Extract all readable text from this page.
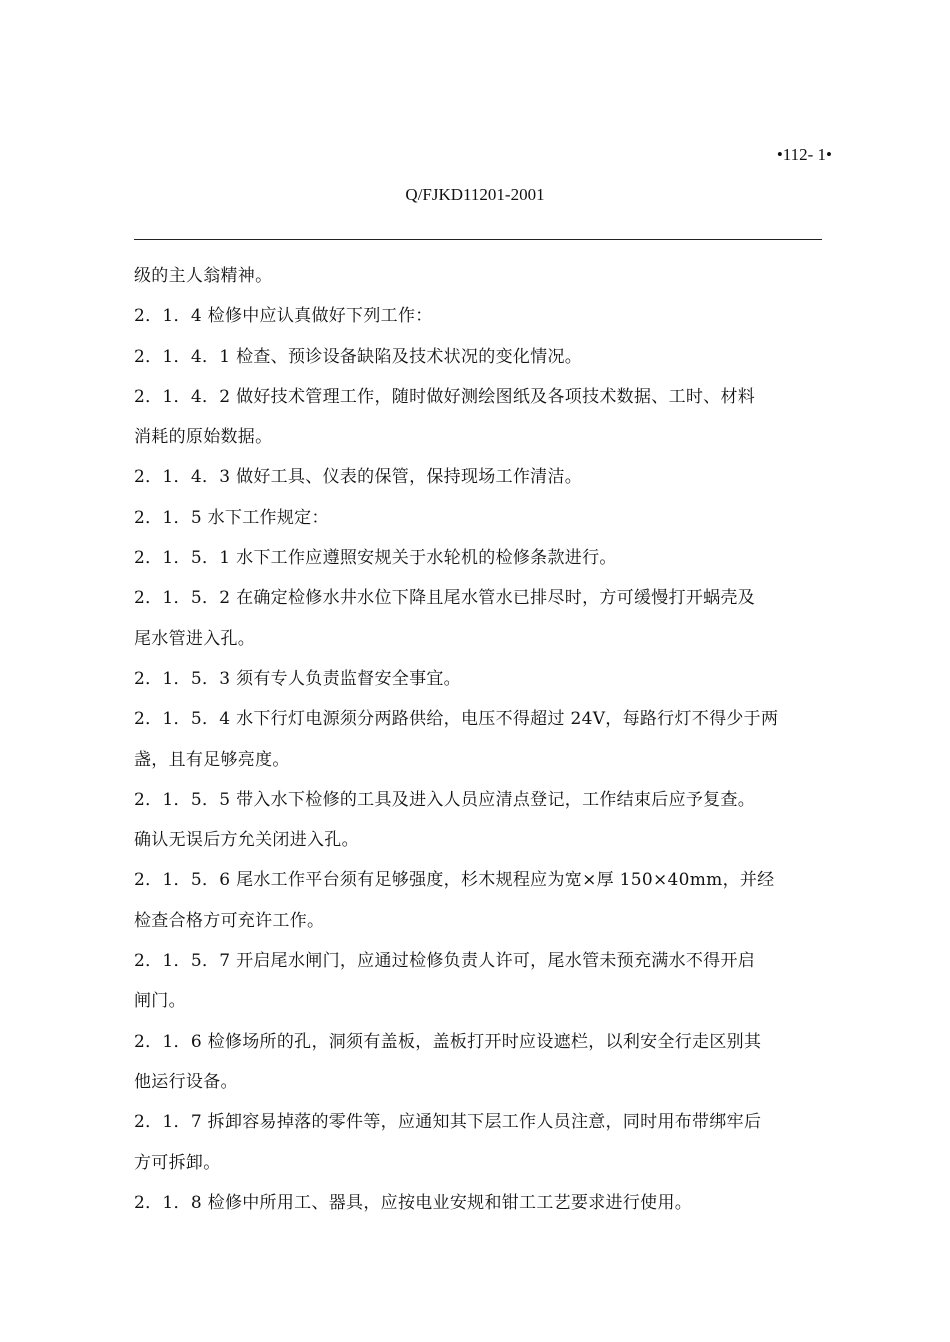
•112- 1•
Q/FJKD11201-2001

级的主人翁精神。

2．1．4 检修中应认真做好下列工作：

2．1．4．1 检查、预诊设备缺陷及技术状况的变化情况。

2．1．4．2 做好技术管理工作，随时做好测绘图纸及各项技术数据、工时、材料

消耗的原始数据。

2．1．4．3 做好工具、仪表的保管，保持现场工作清洁。

2．1．5 水下工作规定：

2．1．5．1 水下工作应遵照安规关于水轮机的检修条款进行。

2．1．5．2 在确定检修水井水位下降且尾水管水已排尽时，方可缓慢打开蜗壳及

尾水管进入孔。

2．1．5．3 须有专人负责监督安全事宜。

2．1．5．4 水下行灯电源须分两路供给，电压不得超过 24V，每路行灯不得少于两

盏，且有足够亮度。

2．1．5．5 带入水下检修的工具及进入人员应清点登记，工作结束后应予复查。

确认无误后方允关闭进入孔。

2．1．5．6 尾水工作平台须有足够强度，杉木规程应为宽×厚 150×40mm，并经

检查合格方可充许工作。

2．1．5．7 开启尾水闸门，应通过检修负责人许可，尾水管未预充满水不得开启

闸门。

2．1．6 检修场所的孔，洞须有盖板，盖板打开时应设遮栏，以利安全行走区别其

他运行设备。

2．1．7 拆卸容易掉落的零件等，应通知其下层工作人员注意，同时用布带绑牢后

方可拆卸。

2．1．8 检修中所用工、器具，应按电业安规和钳工工艺要求进行使用。
